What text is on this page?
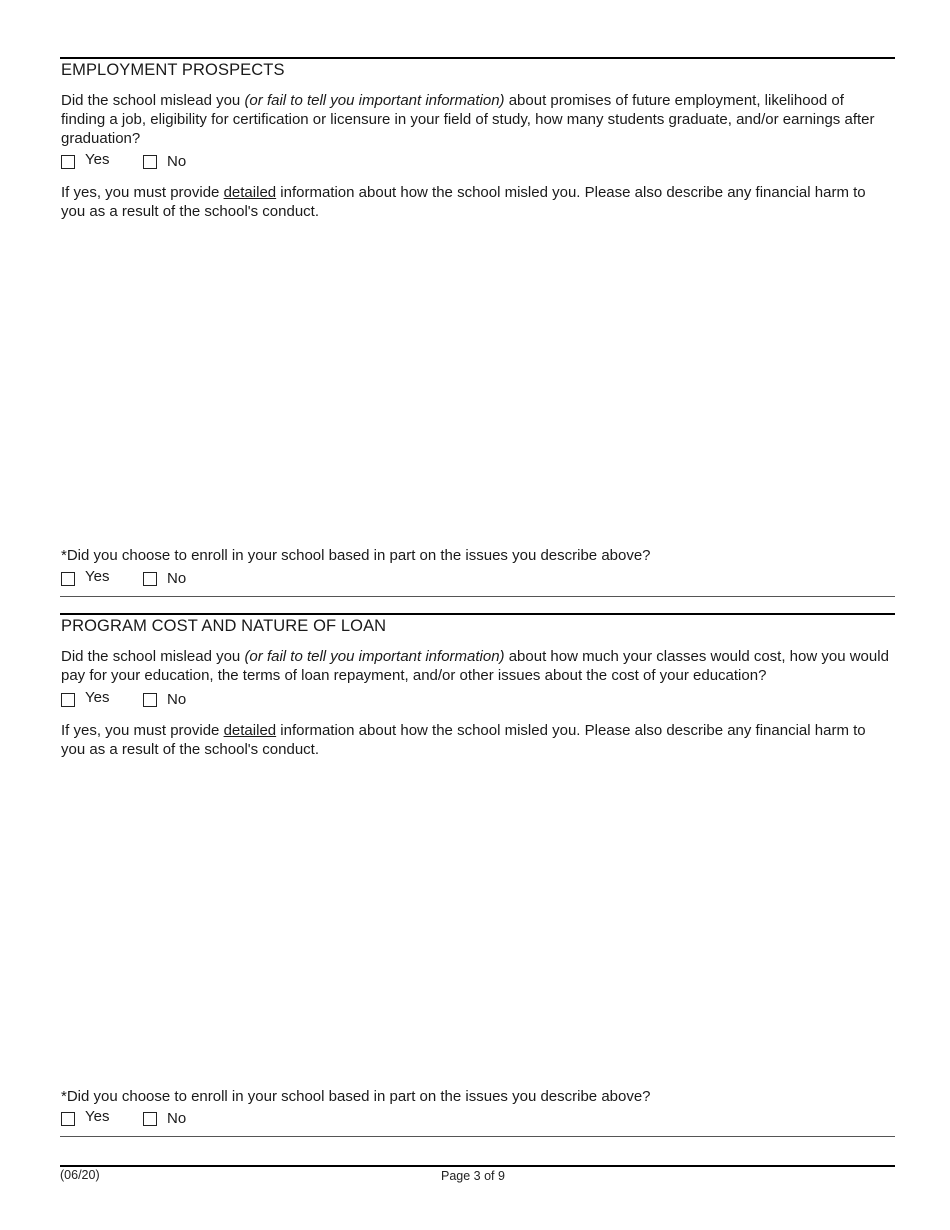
EMPLOYMENT PROSPECTS
Did the school mislead you (or fail to tell you important information) about promises of future employment, likelihood of finding a job, eligibility for certification or licensure in your field of study, how many students graduate, and/or earnings after graduation?
Yes	No
If yes, you must provide detailed information about how the school misled you. Please also describe any financial harm to you as a result of the school's conduct.
*Did you choose to enroll in your school based in part on the issues you describe above?
Yes	No
PROGRAM COST AND NATURE OF LOAN
Did the school mislead you (or fail to tell you important information) about how much your classes would cost, how you would pay for your education, the terms of loan repayment, and/or other issues about the cost of your education?
Yes	No
If yes, you must provide detailed information about how the school misled you. Please also describe any financial harm to you as a result of the school's conduct.
*Did you choose to enroll in your school based in part on the issues you describe above?
Yes	No
(06/20)	Page 3 of 9
